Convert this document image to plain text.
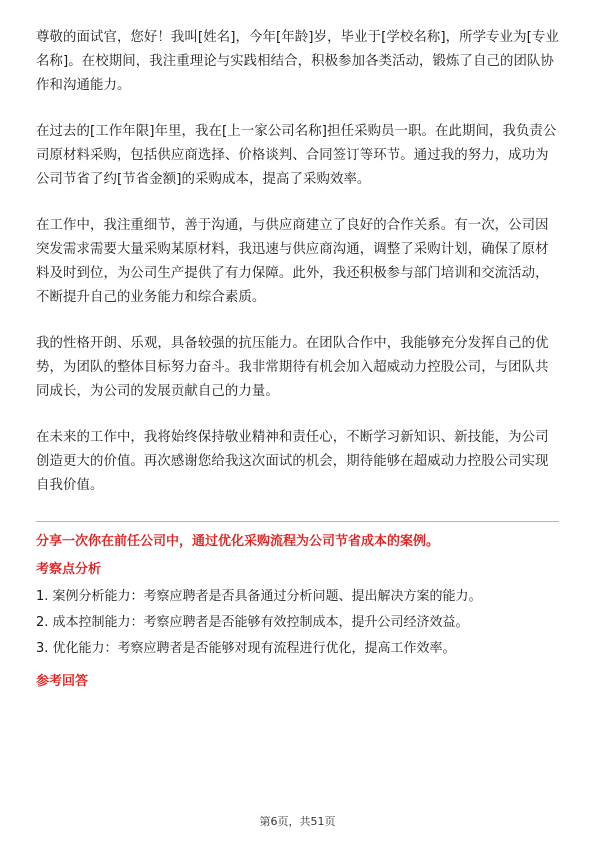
尊敬的面试官，您好！我叫[姓名]，今年[年龄]岁，毕业于[学校名称]，所学专业为[专业名称]。在校期间，我注重理论与实践相结合，积极参加各类活动，锻炼了自己的团队协作和沟通能力。

在过去的[工作年限]年里，我在[上一家公司名称]担任采购员一职。在此期间，我负责公司原材料采购，包括供应商选择、价格谈判、合同签订等环节。通过我的努力，成功为公司节省了约[节省金额]的采购成本，提高了采购效率。

在工作中，我注重细节，善于沟通，与供应商建立了良好的合作关系。有一次，公司因突发需求需要大量采购某原材料，我迅速与供应商沟通，调整了采购计划，确保了原材料及时到位，为公司生产提供了有力保障。此外，我还积极参与部门培训和交流活动，不断提升自己的业务能力和综合素质。

我的性格开朗、乐观，具备较强的抗压能力。在团队合作中，我能够充分发挥自己的优势，为团队的整体目标努力奋斗。我非常期待有机会加入超威动力控股公司，与团队共同成长，为公司的发展贡献自己的力量。

在未来的工作中，我将始终保持敬业精神和责任心，不断学习新知识、新技能，为公司创造更大的价值。再次感谢您给我这次面试的机会，期待能够在超威动力控股公司实现自我价值。

分享一次你在前任公司中，通过优化采购流程为公司节省成本的案例。
考察点分析
1. 案例分析能力：考察应聘者是否具备通过分析问题、提出解决方案的能力。
2. 成本控制能力：考察应聘者是否能够有效控制成本，提升公司经济效益。
3. 优化能力：考察应聘者是否能够对现有流程进行优化，提高工作效率。
参考回答
第6页，共51页
